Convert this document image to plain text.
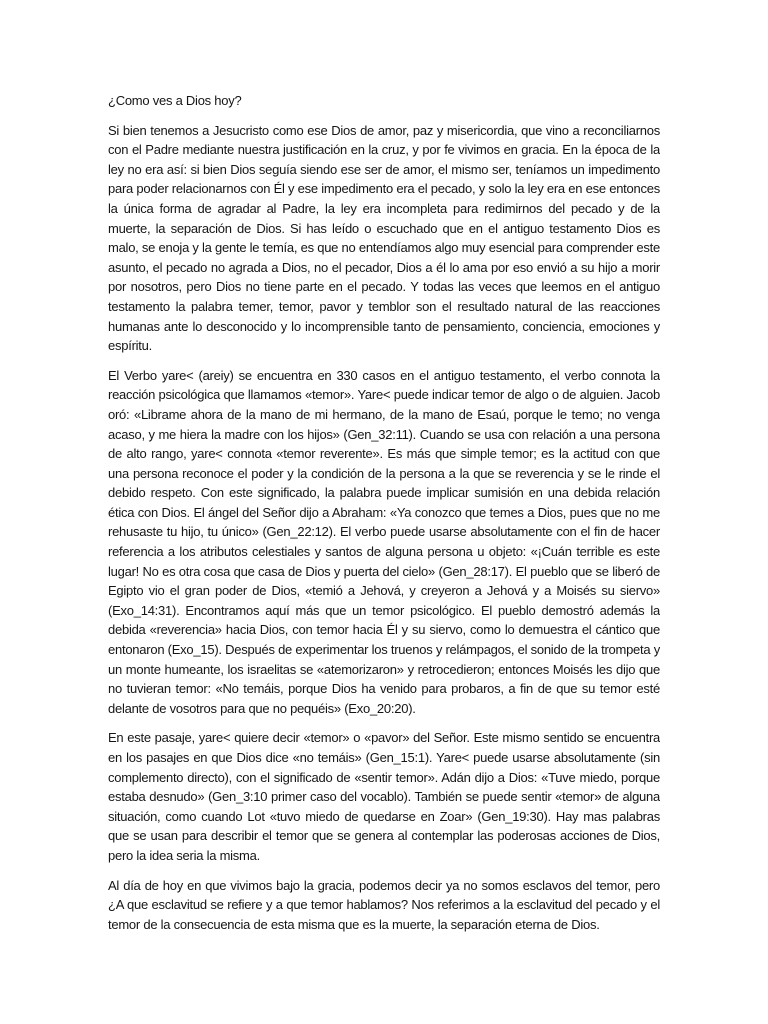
¿Como ves a Dios hoy?

Si bien tenemos a Jesucristo como ese Dios de amor, paz y misericordia, que vino a reconciliarnos con el Padre mediante nuestra justificación en la cruz, y por fe vivimos en gracia. En la época de la ley no era así: si bien Dios seguía siendo ese ser de amor, el mismo ser, teníamos un impedimento para poder relacionarnos con Él y ese impedimento era el pecado, y solo la ley era en ese entonces la única forma de agradar al Padre, la ley era incompleta para redimirnos del pecado y de la muerte, la separación de Dios. Si has leído o escuchado que en el antiguo testamento Dios es malo, se enoja y la gente le temía, es que no entendíamos algo muy esencial para comprender este asunto, el pecado no agrada a Dios, no el pecador, Dios a él lo ama por eso envió a su hijo a morir por nosotros, pero Dios no tiene parte en el pecado. Y todas las veces que leemos en el antiguo testamento la palabra temer, temor, pavor y temblor son el resultado natural de las reacciones humanas ante lo desconocido y lo incomprensible tanto de pensamiento, conciencia, emociones y espíritu.

El Verbo yare< (areiy) se encuentra en 330 casos en el antiguo testamento, el verbo connota la reacción psicológica que llamamos «temor». Yare< puede indicar temor de algo o de alguien. Jacob oró: «Librame ahora de la mano de mi hermano, de la mano de Esaú, porque le temo; no venga acaso, y me hiera la madre con los hijos» (Gen_32:11). Cuando se usa con relación a una persona de alto rango, yare< connota «temor reverente». Es más que simple temor; es la actitud con que una persona reconoce el poder y la condición de la persona a la que se reverencia y se le rinde el debido respeto. Con este significado, la palabra puede implicar sumisión en una debida relación ética con Dios. El ángel del Señor dijo a Abraham: «Ya conozco que temes a Dios, pues que no me rehusaste tu hijo, tu único» (Gen_22:12). El verbo puede usarse absolutamente con el fin de hacer referencia a los atributos celestiales y santos de alguna persona u objeto: «¡Cuán terrible es este lugar! No es otra cosa que casa de Dios y puerta del cielo» (Gen_28:17). El pueblo que se liberó de Egipto vio el gran poder de Dios, «temió a Jehová, y creyeron a Jehová y a Moisés su siervo» (Exo_14:31). Encontramos aquí más que un temor psicológico. El pueblo demostró además la debida «reverencia» hacia Dios, con temor hacia Él y su siervo, como lo demuestra el cántico que entonaron (Exo_15). Después de experimentar los truenos y relámpagos, el sonido de la trompeta y un monte humeante, los israelitas se «atemorizaron» y retrocedieron; entonces Moisés les dijo que no tuvieran temor: «No temáis, porque Dios ha venido para probaros, a fin de que su temor esté delante de vosotros para que no pequéis» (Exo_20:20).

En este pasaje, yare< quiere decir «temor» o «pavor» del Señor. Este mismo sentido se encuentra en los pasajes en que Dios dice «no temáis» (Gen_15:1). Yare< puede usarse absolutamente (sin complemento directo), con el significado de «sentir temor». Adán dijo a Dios: «Tuve miedo, porque estaba desnudo» (Gen_3:10 primer caso del vocablo). También se puede sentir «temor» de alguna situación, como cuando Lot «tuvo miedo de quedarse en Zoar» (Gen_19:30). Hay mas palabras que se usan para describir el temor que se genera al contemplar las poderosas acciones de Dios, pero la idea seria la misma.

Al día de hoy en que vivimos bajo la gracia, podemos decir ya no somos esclavos del temor, pero ¿A que esclavitud se refiere y a que temor hablamos? Nos referimos a la esclavitud del pecado y el temor de la consecuencia de esta misma que es la muerte, la separación eterna de Dios.
